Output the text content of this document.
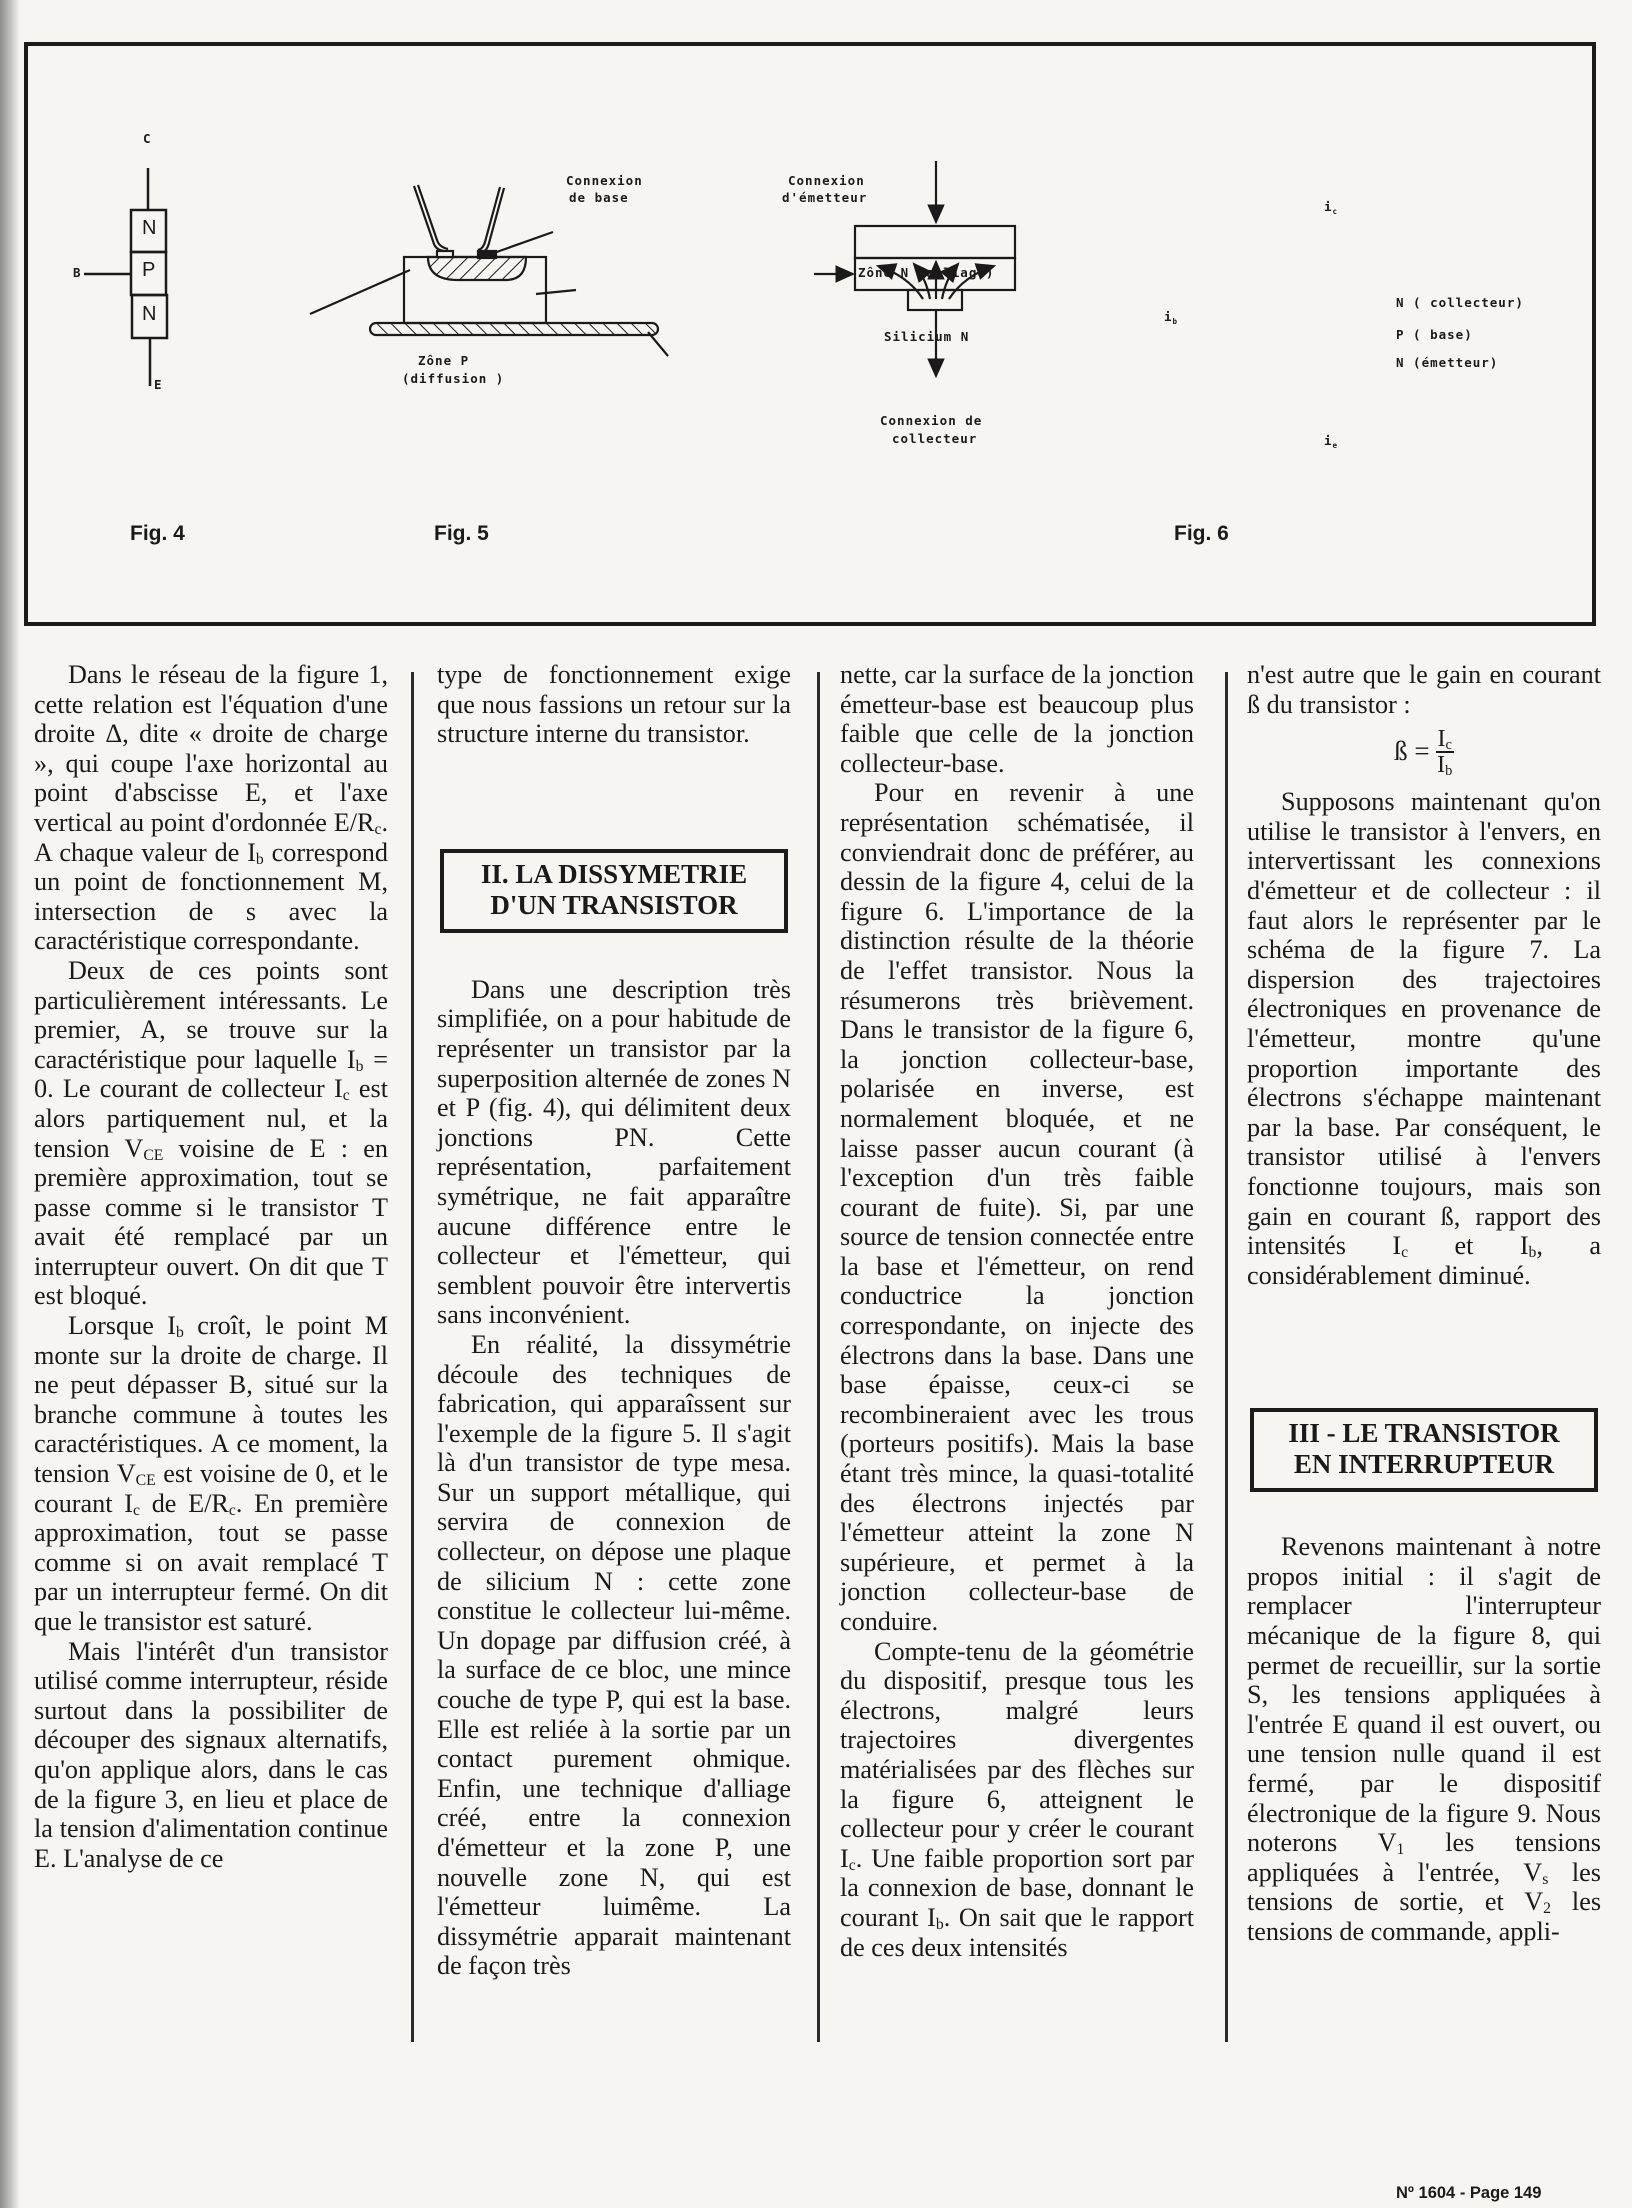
C
B
E
N
P
N
Fig. 4
Connexion
de base
Connexion
d'émetteur
Zône N (alliage)
Silicium N
Zône P
(diffusion )
Connexion de
collecteur
Fig. 5
$i_c$
$i_b$
$i_e$
N ( collecteur)
P ( base)
N (émetteur)
Fig. 6

Dans le réseau de la figure 1, cette relation est l'équation d'une droite Δ, dite « droite de charge », qui coupe l'axe horizontal au point d'abscisse E, et l'axe vertical au point d'ordonnée $E/R_c$. A chaque valeur de $I_b$ correspond un point de fonctionnement M, intersection de s avec la caractéristique correspondante.

Deux de ces points sont particulièrement intéressants. Le premier, A, se trouve sur la caractéristique pour laquelle $I_b = 0$. Le courant de collecteur $I_c$ est alors partiquement nul, et la tension $V_{CE}$ voisine de E : en première approximation, tout se passe comme si le transistor T avait été remplacé par un interrupteur ouvert. On dit que T est bloqué.

Lorsque $I_b$ croît, le point M monte sur la droite de charge. Il ne peut dépasser B, situé sur la branche commune à toutes les caractéristiques. A ce moment, la tension $V_{CE}$ est voisine de 0, et le courant $I_c$ de $E/R_c$. En première approximation, tout se passe comme si on avait remplacé T par un interrupteur fermé. On dit que le transistor est saturé.

Mais l'intérêt d'un transistor utilisé comme interrupteur, réside surtout dans la possibiliter de découper des signaux alternatifs, qu'on applique alors, dans le cas de la figure 3, en lieu et place de la tension d'alimentation continue E. L'analyse de ce

type de fonctionnement exige que nous fassions un retour sur la structure interne du transistor.

II. LA DISSYMETRIE
D'UN TRANSISTOR

Dans une description très simplifiée, on a pour habitude de représenter un transistor par la superposition alternée de zones N et P (fig. 4), qui délimitent deux jonctions PN. Cette représentation, parfaitement symétrique, ne fait apparaître aucune différence entre le collecteur et l'émetteur, qui semblent pouvoir être intervertis sans inconvénient.

En réalité, la dissymétrie découle des techniques de fabrication, qui apparaîssent sur l'exemple de la figure 5. Il s'agit là d'un transistor de type mesa. Sur un support métallique, qui servira de connexion de collecteur, on dépose une plaque de silicium N : cette zone constitue le collecteur lui-même. Un dopage par diffusion créé, à la surface de ce bloc, une mince couche de type P, qui est la base. Elle est reliée à la sortie par un contact purement ohmique. Enfin, une technique d'alliage créé, entre la connexion d'émetteur et la zone P, une nouvelle zone N, qui est l'émetteur luimême. La dissymétrie apparait maintenant de façon très

nette, car la surface de la jonction émetteur-base est beaucoup plus faible que celle de la jonction collecteur-base.

Pour en revenir à une représentation schématisée, il conviendrait donc de préférer, au dessin de la figure 4, celui de la figure 6. L'importance de la distinction résulte de la théorie de l'effet transistor. Nous la résumerons très brièvement. Dans le transistor de la figure 6, la jonction collecteur-base, polarisée en inverse, est normalement bloquée, et ne laisse passer aucun courant (à l'exception d'un très faible courant de fuite). Si, par une source de tension connectée entre la base et l'émetteur, on rend conductrice la jonction correspondante, on injecte des électrons dans la base. Dans une base épaisse, ceux-ci se recombineraient avec les trous (porteurs positifs). Mais la base étant très mince, la quasi-totalité des électrons injectés par l'émetteur atteint la zone N supérieure, et permet à la jonction collecteur-base de conduire.

Compte-tenu de la géométrie du dispositif, presque tous les électrons, malgré leurs trajectoires divergentes matérialisées par des flèches sur la figure 6, atteignent le collecteur pour y créer le courant $I_c$. Une faible proportion sort par la connexion de base, donnant le courant $I_b$. On sait que le rapport de ces deux intensités

n'est autre que le gain en courant ß du transistor :

ß = $\frac{I_c}{I_b}$

Supposons maintenant qu'on utilise le transistor à l'envers, en intervertissant les connexions d'émetteur et de collecteur : il faut alors le représenter par le schéma de la figure 7. La dispersion des trajectoires électroniques en provenance de l'émetteur, montre qu'une proportion importante des électrons s'échappe maintenant par la base. Par conséquent, le transistor utilisé à l'envers fonctionne toujours, mais son gain en courant ß, rapport des intensités $I_c$ et $I_b$, a considérablement diminué.

III - LE TRANSISTOR
EN INTERRUPTEUR

Revenons maintenant à notre propos initial : il s'agit de remplacer l'interrupteur mécanique de la figure 8, qui permet de recueillir, sur la sortie S, les tensions appliquées à l'entrée E quand il est ouvert, ou une tension nulle quand il est fermé, par le dispositif électronique de la figure 9. Nous noterons $V_1$ les tensions appliquées à l'entrée, $V_s$ les tensions de sortie, et $V_2$ les tensions de commande, appli-

Nº 1604 - Page 149
